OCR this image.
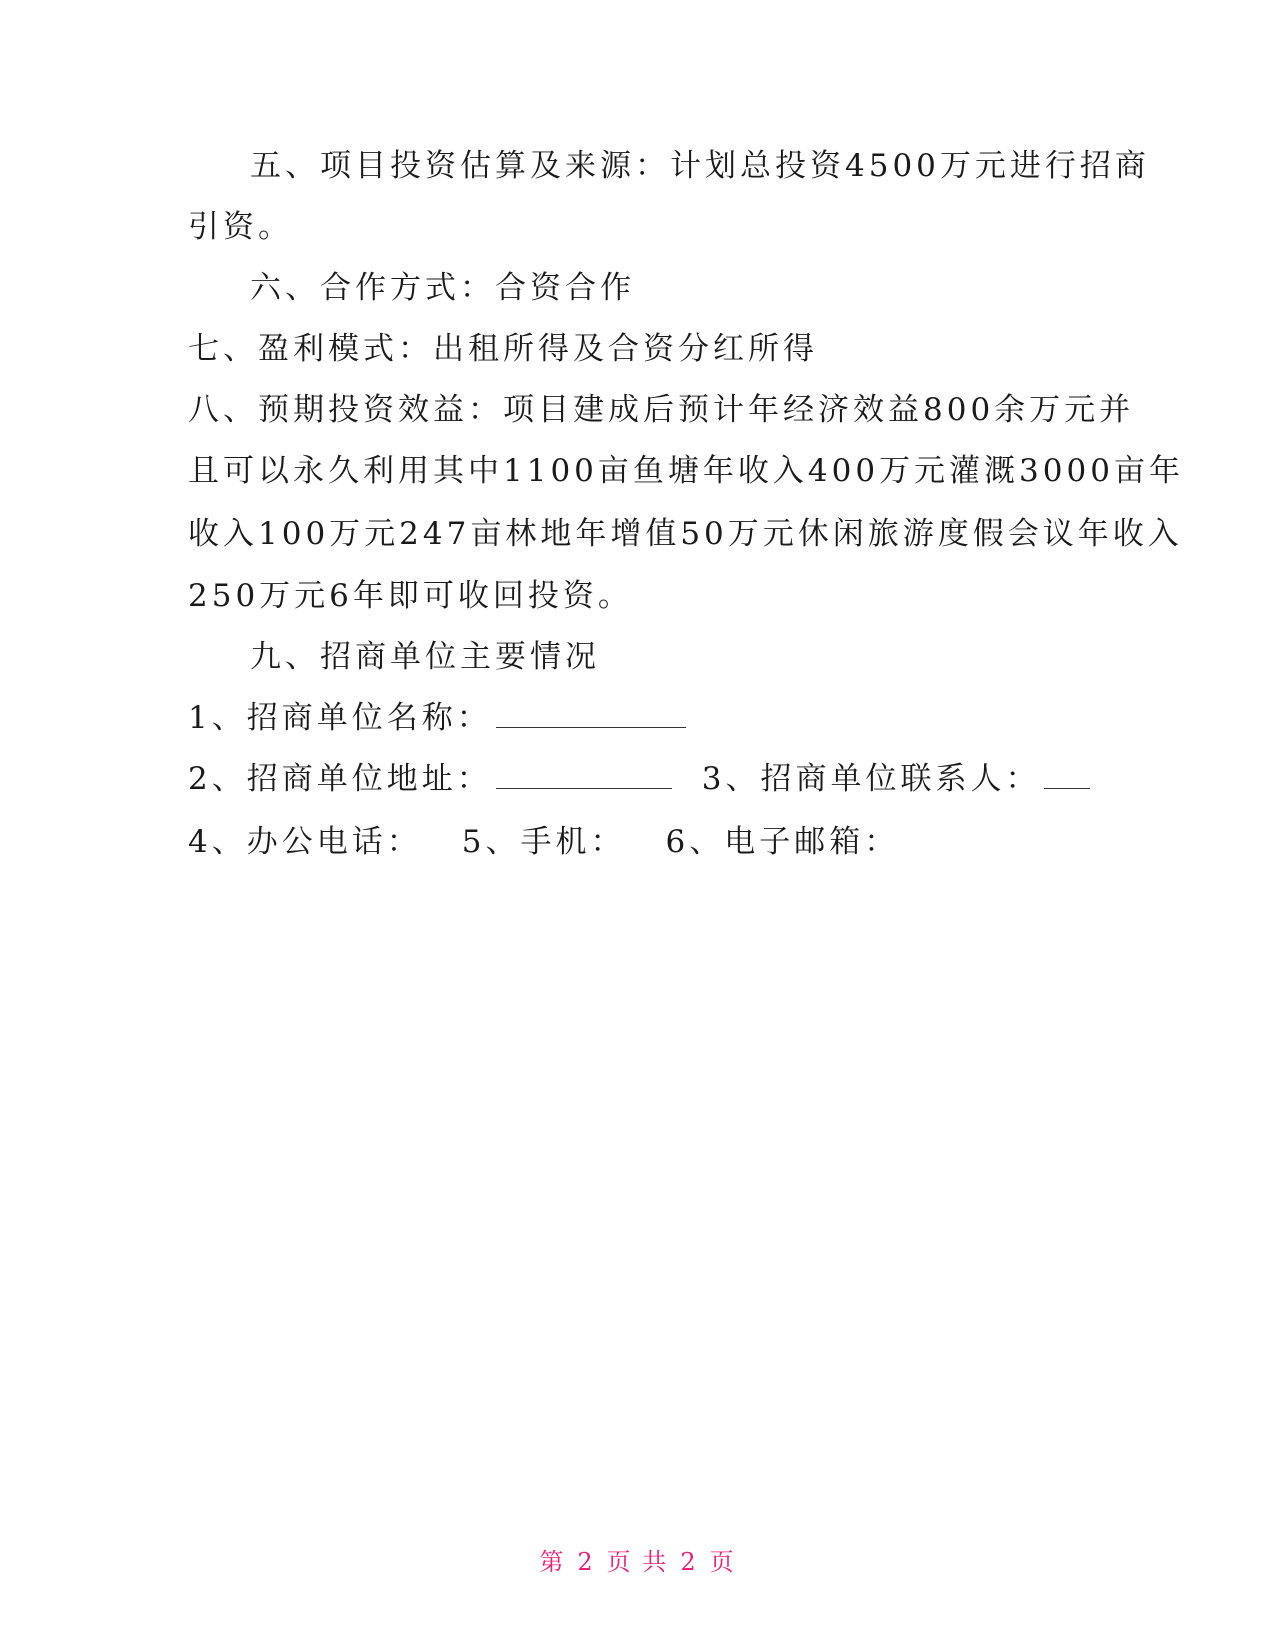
五、项目投资估算及来源：计划总投资4500万元进行招商
引资。
六、合作方式：合资合作
七、盈利模式：出租所得及合资分红所得
八、预期投资效益：项目建成后预计年经济效益800余万元并
且可以永久利用其中1100亩鱼塘年收入400万元灌溉3000亩年
收入100万元247亩林地年增值50万元休闲旅游度假会议年收入
250万元6年即可收回投资。
九、招商单位主要情况
1、招商单位名称：
2、招商单位地址：	3、招商单位联系人：
4、办公电话： 5、手机： 6、电子邮箱：
第 2 页 共 2 页
